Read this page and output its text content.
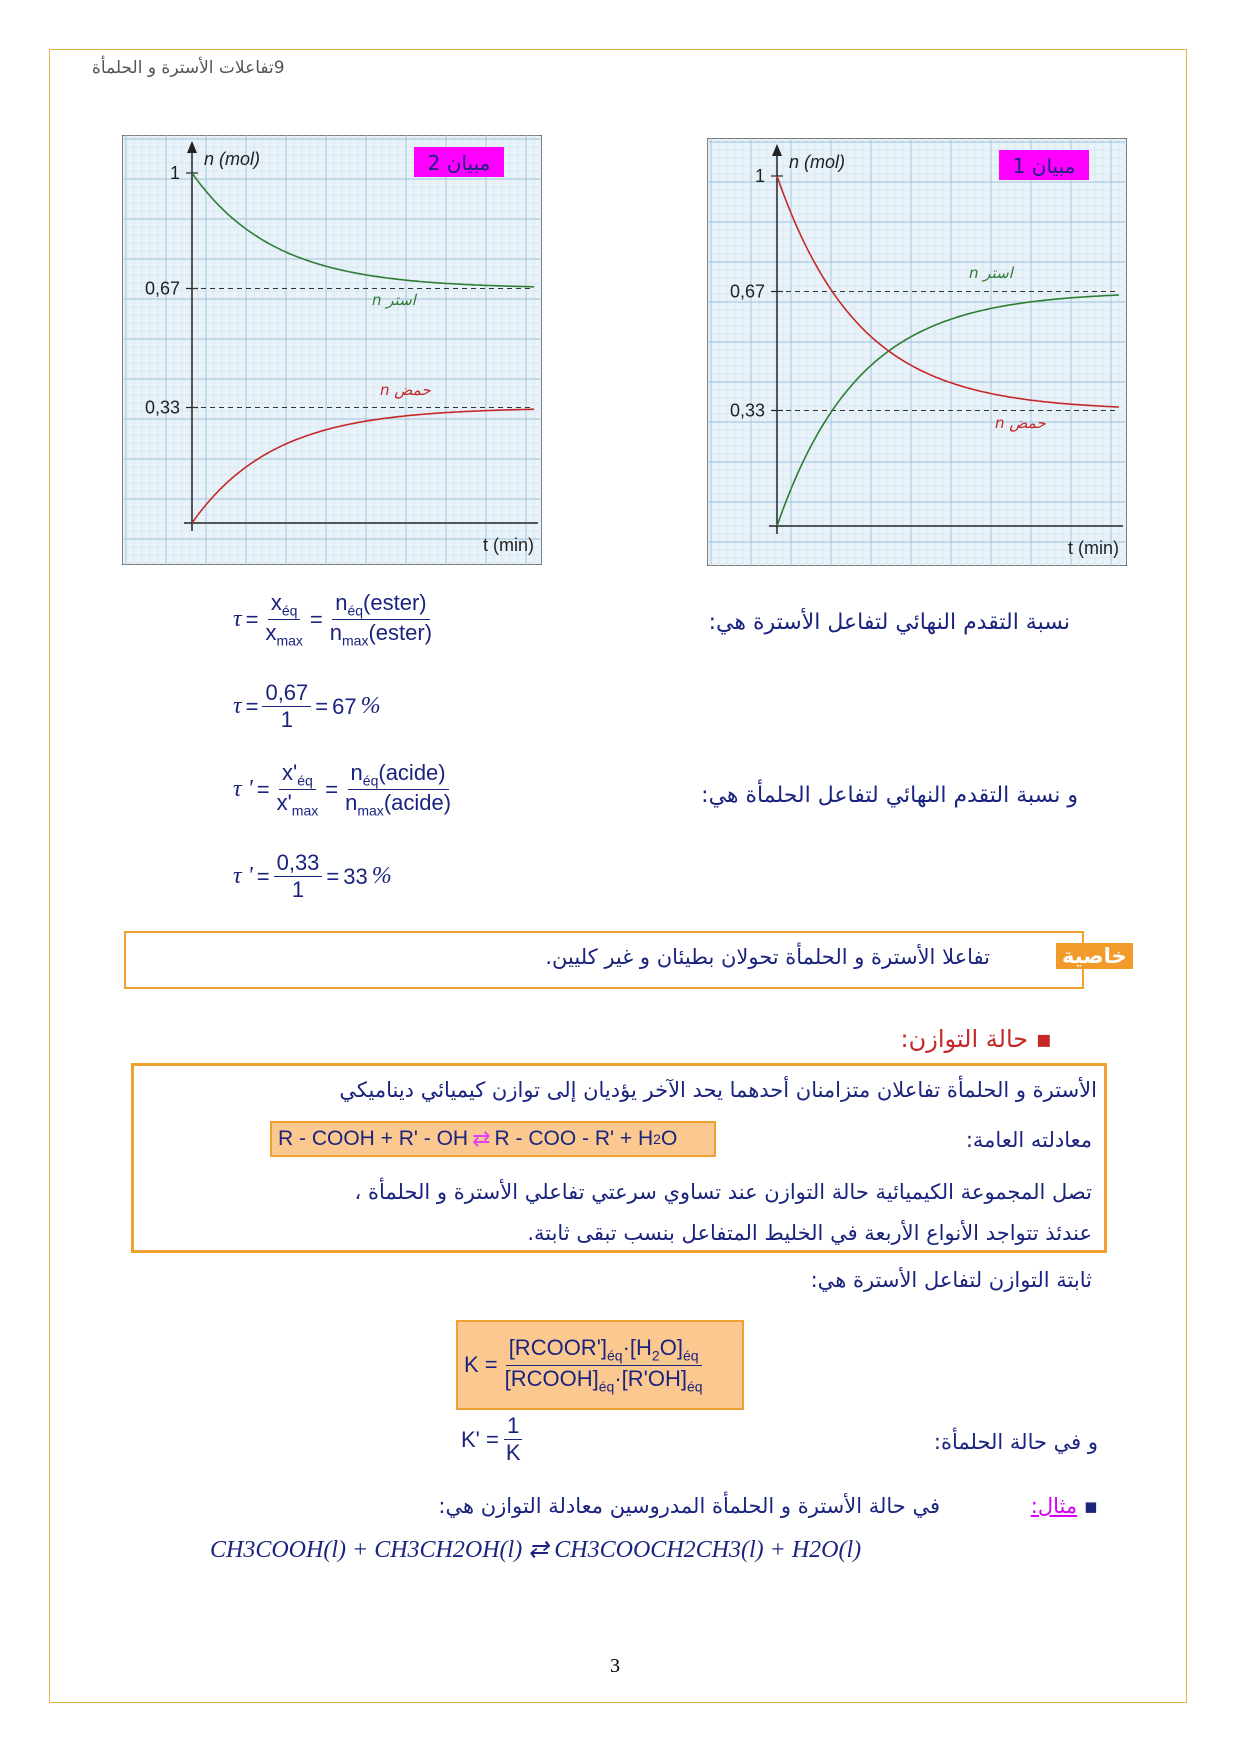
9تفاعلات الأسترة و الحلمأة
1
0,67
0,33
n (mol)
t (min)
مبيان 2
n استر
n حمض
1
0,67
0,33
n (mol)
t (min)
مبيان 1
n استر
n حمض
$\tau = \frac{x_{éq}}{x_{max}} = \frac{n_{éq}(ester)}{n_{max}(ester)}$	نسبة التقدم النهائي لتفاعل الأسترة هي:
$\tau = \frac{0,67}{1} = 67$ %
τ ' = $\frac{x'_{éq}}{x'_{max}} = \frac{n_{éq}(acide)}{n_{max}(acide)}$	و نسبة التقدم النهائي لتفاعل الحلمأة هي:
τ ' = $\frac{0,33}{1} = 33$ %
خاصية
تفاعلا الأسترة و الحلمأة تحولان بطيئان و غير كليين.
▪ حالة التوازن:
الأسترة و الحلمأة تفاعلان متزامنان أحدهما يحد الآخر يؤديان إلى توازن كيميائي ديناميكي
معادلته العامة:
R - COOH + R' - OH ⇄ R - COO - R' + H 2 O
تصل المجموعة الكيميائية حالة التوازن عند تساوي سرعتي تفاعلي الأسترة و الحلمأة ،
عندئذ تتواجد الأنواع الأربعة في الخليط المتفاعل بنسب تبقى ثابتة.
ثابتة التوازن لتفاعل الأسترة هي:
$K = \frac{[RCOOR']_{éq}\cdot[H_2O]_{éq}}{[RCOOH]_{éq}\cdot[R'OH]_{éq}}$
$K' = \frac{1}{K}$	و في حالة الحلمأة:
▪ مثال:
في حالة الأسترة و الحلمأة المدروسين معادلة التوازن هي:
CH3COOH(l) + CH3CH2OH(l) ⇄ CH3COOCH2CH3(l) + H2O(l)
3
